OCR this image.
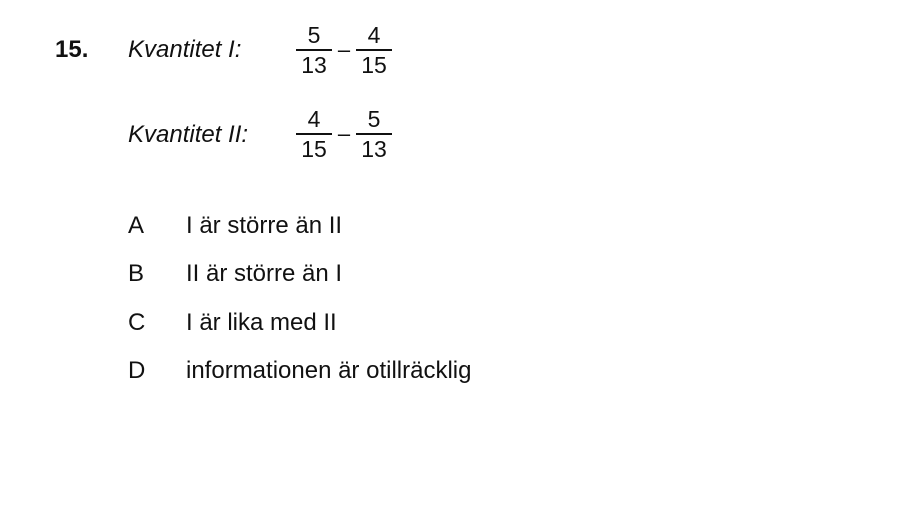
15. Kvantitet I: $\frac{5}{13} - \frac{4}{15}$
Kvantitet II: $\frac{4}{15} - \frac{5}{13}$
A	I är större än II
B	II är större än I
C	I är lika med II
D	informationen är otillräcklig
